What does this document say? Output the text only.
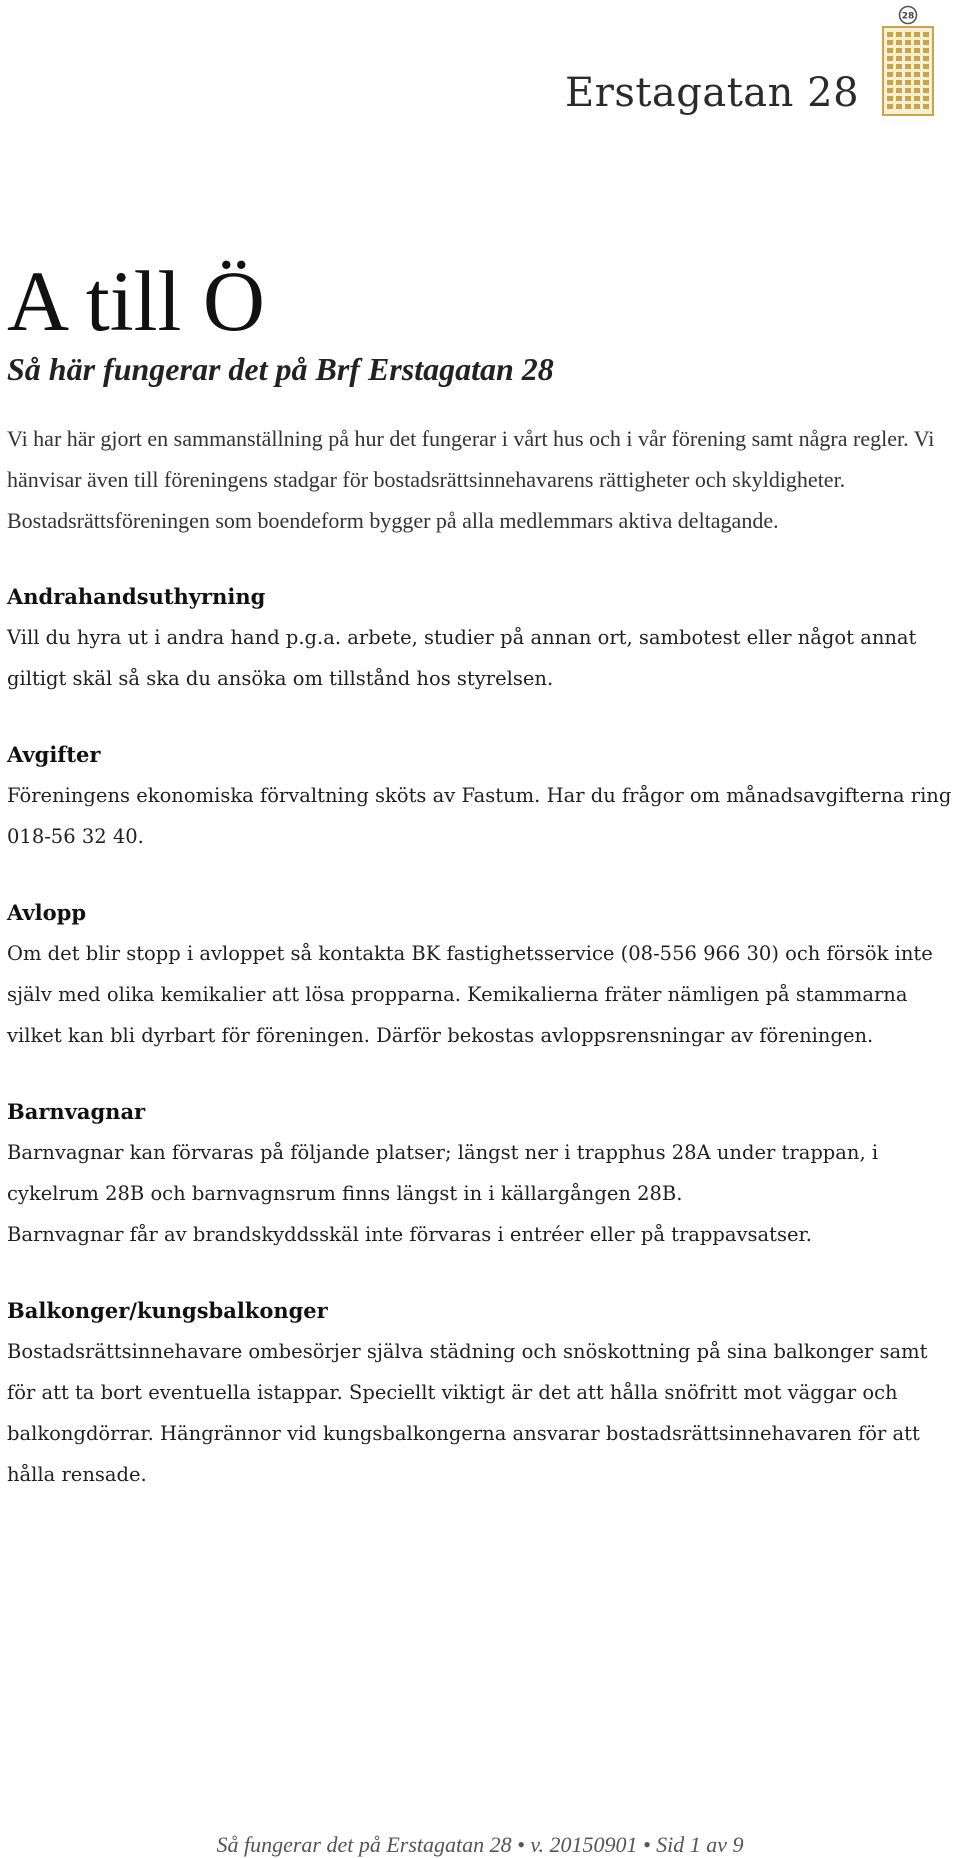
Erstagatan 28
28
A till Ö
Så här fungerar det på Brf Erstagatan 28

Vi har här gjort en sammanställning på hur det fungerar i vårt hus och i vår förening samt några regler. Vi hänvisar även till föreningens stadgar för bostadsrättsinnehavarens rättigheter och skyldigheter. Bostadsrättsföreningen som boendeform bygger på alla medlemmars aktiva deltagande.

Andrahandsuthyrning

Vill du hyra ut i andra hand p.g.a. arbete, studier på annan ort, sambotest eller något annat giltigt skäl så ska du ansöka om tillstånd hos styrelsen.

Avgifter

Föreningens ekonomiska förvaltning sköts av Fastum. Har du frågor om månadsavgifterna ring 018-56 32 40.

Avlopp

Om det blir stopp i avloppet så kontakta BK fastighetsservice (08-556 966 30) och försök inte själv med olika kemikalier att lösa propparna. Kemikalierna fräter nämligen på stammarna vilket kan bli dyrbart för föreningen. Därför bekostas avloppsrensningar av föreningen.

Barnvagnar

Barnvagnar kan förvaras på följande platser; längst ner i trapphus 28A under trappan, i cykelrum 28B och barnvagnsrum finns längst in i källargången 28B.

Barnvagnar får av brandskyddsskäl inte förvaras i entréer eller på trappavsatser.

Balkonger/kungsbalkonger

Bostadsrättsinnehavare ombesörjer själva städning och snöskottning på sina balkonger samt för att ta bort eventuella istappar. Speciellt viktigt är det att hålla snöfritt mot väggar och balkongdörrar. Hängrännor vid kungsbalkongerna ansvarar bostadsrättsinnehavaren för att hålla rensade.

Så fungerar det på Erstagatan 28 • v. 20150901 • Sid 1 av 9
